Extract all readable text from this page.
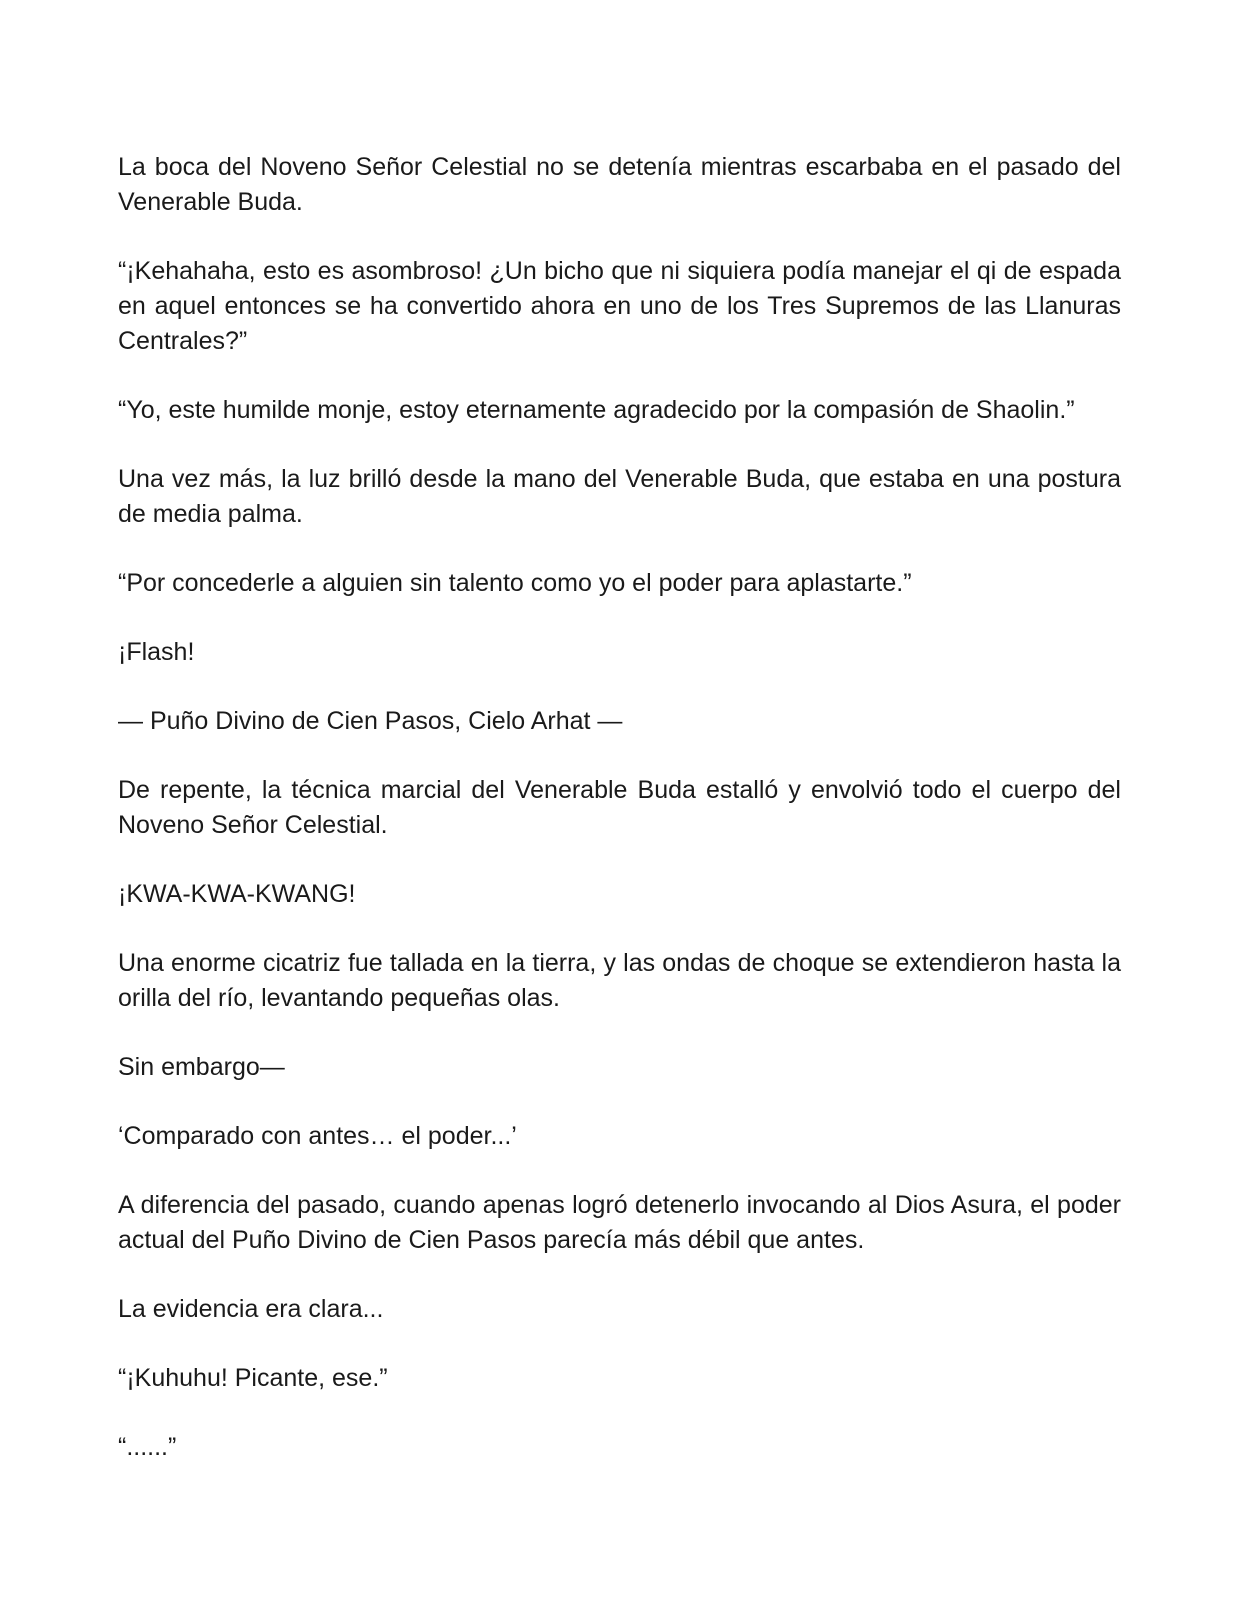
La boca del Noveno Señor Celestial no se detenía mientras escarbaba en el pasado del Venerable Buda.

“¡Kehahaha, esto es asombroso! ¿Un bicho que ni siquiera podía manejar el qi de espada en aquel entonces se ha convertido ahora en uno de los Tres Supremos de las Llanuras Centrales?”

“Yo, este humilde monje, estoy eternamente agradecido por la compasión de Shaolin.”

Una vez más, la luz brilló desde la mano del Venerable Buda, que estaba en una postura de media palma.

“Por concederle a alguien sin talento como yo el poder para aplastarte.”

¡Flash!

— Puño Divino de Cien Pasos, Cielo Arhat —

De repente, la técnica marcial del Venerable Buda estalló y envolvió todo el cuerpo del Noveno Señor Celestial.

¡KWA-KWA-KWANG!

Una enorme cicatriz fue tallada en la tierra, y las ondas de choque se extendieron hasta la orilla del río, levantando pequeñas olas.

Sin embargo—

‘Comparado con antes… el poder...’

A diferencia del pasado, cuando apenas logró detenerlo invocando al Dios Asura, el poder actual del Puño Divino de Cien Pasos parecía más débil que antes.

La evidencia era clara...

“¡Kuhuhu! Picante, ese.”

“......”
